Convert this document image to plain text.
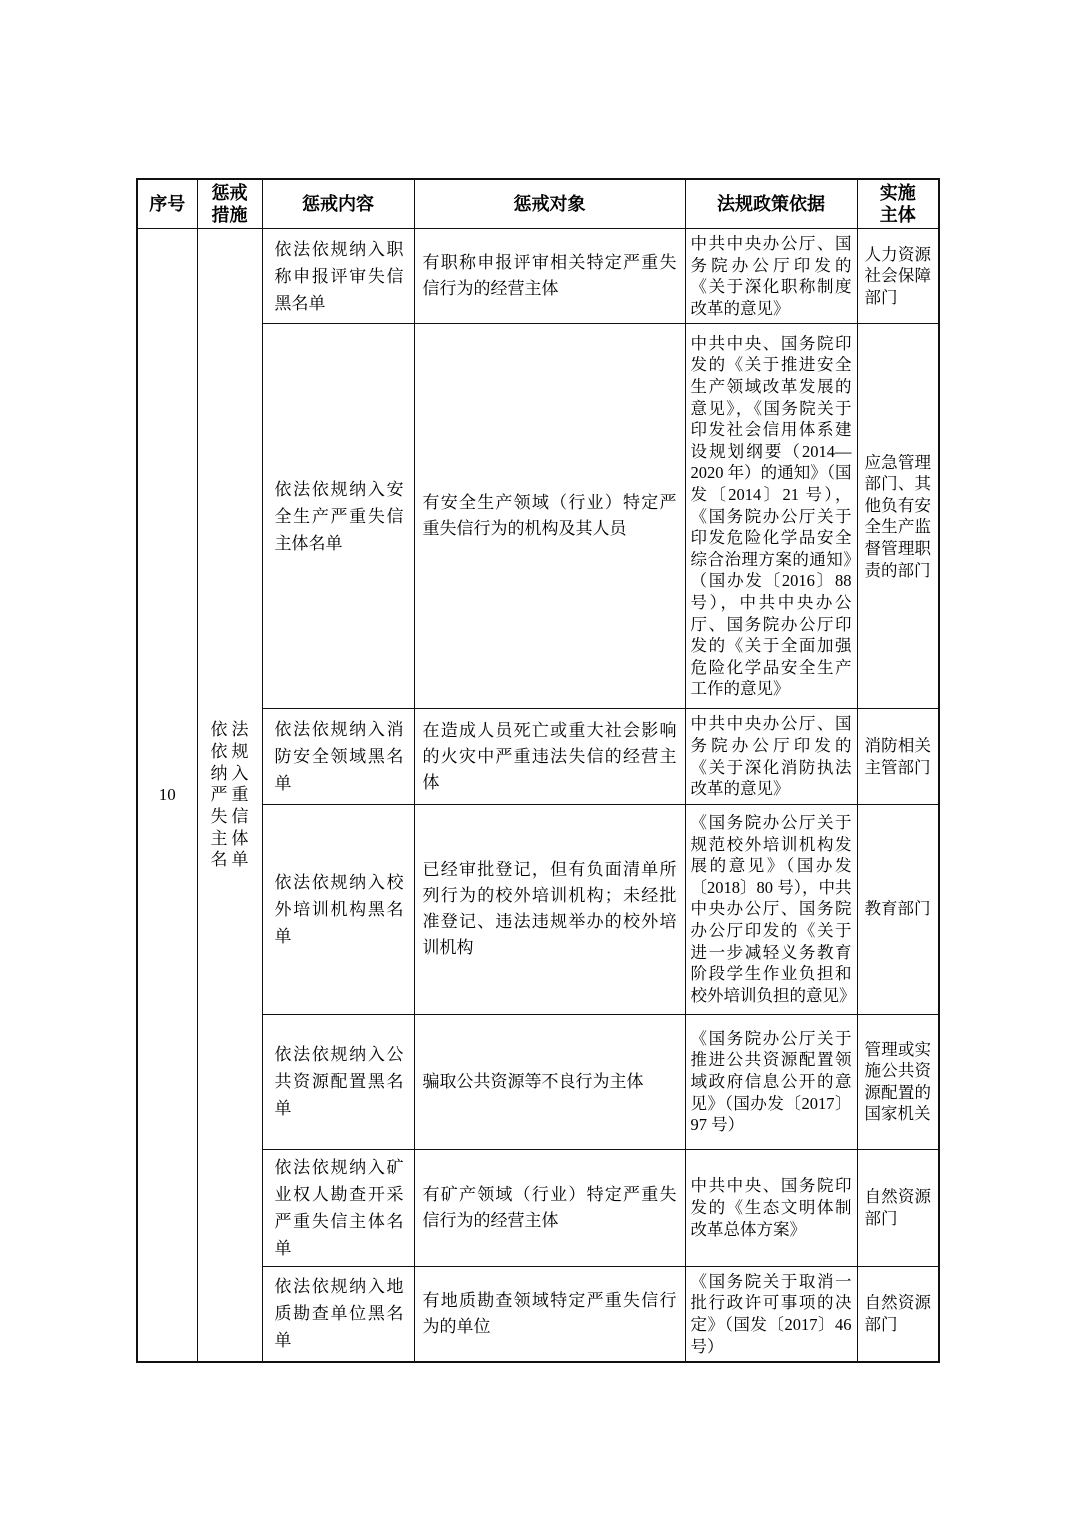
序号	惩戒措施	惩戒内容	惩戒对象	法规政策依据	实施主体

10	依法依规纳入严重失信主体名单	依法依规纳入职称申报评审失信黑名单	有职称申报评审相关特定严重失信行为的经营主体	中共中央办公厅、国务院办公厅印发的《关于深化职称制度改革的意见》	人力资源社会保障部门
		依法依规纳入安全生产严重失信主体名单	有安全生产领域（行业）特定严重失信行为的机构及其人员	中共中央、国务院印发的《关于推进安全生产领域改革发展的意见》，《国务院关于印发社会信用体系建设规划纲要（2014—2020 年）的通知》（国发〔2014〕21 号），《国务院办公厅关于印发危险化学品安全综合治理方案的通知》（国办发〔2016〕88 号），中共中央办公厅、国务院办公厅印发的《关于全面加强危险化学品安全生产工作的意见》	应急管理部门、其他负有安全生产监督管理职责的部门
		依法依规纳入消防安全领域黑名单	在造成人员死亡或重大社会影响的火灾中严重违法失信的经营主体	中共中央办公厅、国务院办公厅印发的《关于深化消防执法改革的意见》	消防相关主管部门
		依法依规纳入校外培训机构黑名单	已经审批登记，但有负面清单所列行为的校外培训机构；未经批准登记、违法违规举办的校外培训机构	《国务院办公厅关于规范校外培训机构发展的意见》（国办发〔2018〕80 号），中共中央办公厅、国务院办公厅印发的《关于进一步减轻义务教育阶段学生作业负担和校外培训负担的意见》	教育部门
		依法依规纳入公共资源配置黑名单	骗取公共资源等不良行为主体	《国务院办公厅关于推进公共资源配置领域政府信息公开的意见》（国办发〔2017〕97 号）	管理或实施公共资源配置的国家机关
		依法依规纳入矿业权人勘查开采严重失信主体名单	有矿产领域（行业）特定严重失信行为的经营主体	中共中央、国务院印发的《生态文明体制改革总体方案》	自然资源部门
		依法依规纳入地质勘查单位黑名单	有地质勘查领域特定严重失信行为的单位	《国务院关于取消一批行政许可事项的决定》（国发〔2017〕46 号）	自然资源部门
